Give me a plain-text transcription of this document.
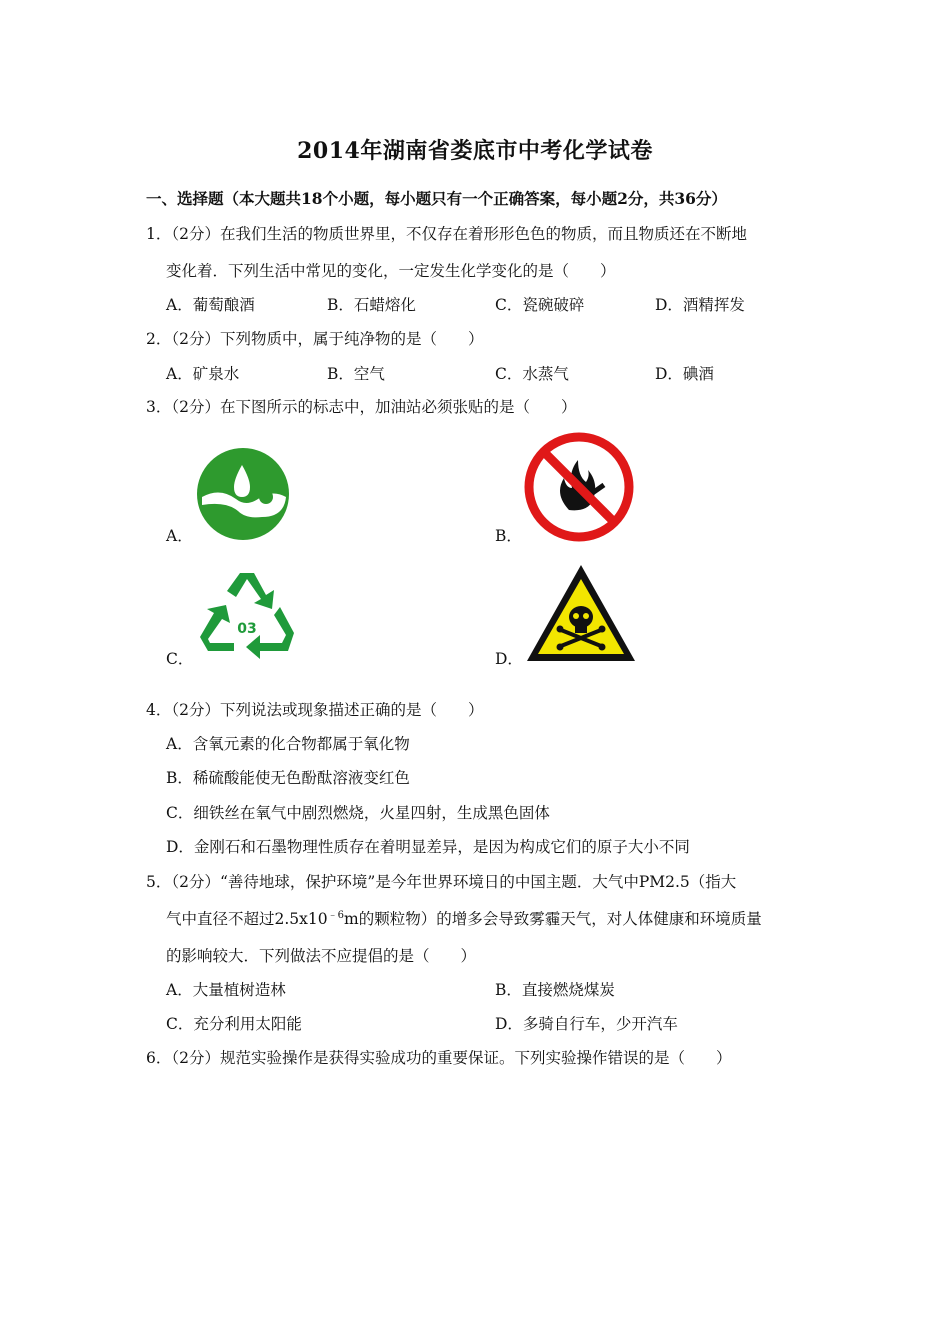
2014年湖南省娄底市中考化学试卷
一、选择题（本大题共18个小题，每小题只有一个正确答案，每小题2分，共36分）
1．（2分）在我们生活的物质世界里，不仅存在着形形色色的物质，而且物质还在不断地
变化着．下列生活中常见的变化，一定发生化学变化的是（　　）
A．葡萄酿酒	B．石蜡熔化	C．瓷碗破碎	D．酒精挥发
2．（2分）下列物质中，属于纯净物的是（　　）
A．矿泉水	B．空气	C．水蒸气	D．碘酒
3．（2分）在下图所示的标志中，加油站必须张贴的是（　　）
A．	B．
C．
03
D．
4．（2分）下列说法或现象描述正确的是（　　）
A．含氧元素的化合物都属于氧化物
B．稀硫酸能使无色酚酞溶液变红色
C．细铁丝在氧气中剧烈燃烧，火星四射，生成黑色固体
D．金刚石和石墨物理性质存在着明显差异，是因为构成它们的原子大小不同
5．（2分）“善待地球，保护环境”是今年世界环境日的中国主题．大气中PM2.5（指大
气中直径不超过$2.5x10^{﹣6}m$的颗粒物）的增多会导致雾霾天气，对人体健康和环境质量
的影响较大．下列做法不应提倡的是（　　）
A．大量植树造林	B．直接燃烧煤炭
C．充分利用太阳能	D．多骑自行车，少开汽车
6．（2分）规范实验操作是获得实验成功的重要保证。下列实验操作错误的是（　　）
